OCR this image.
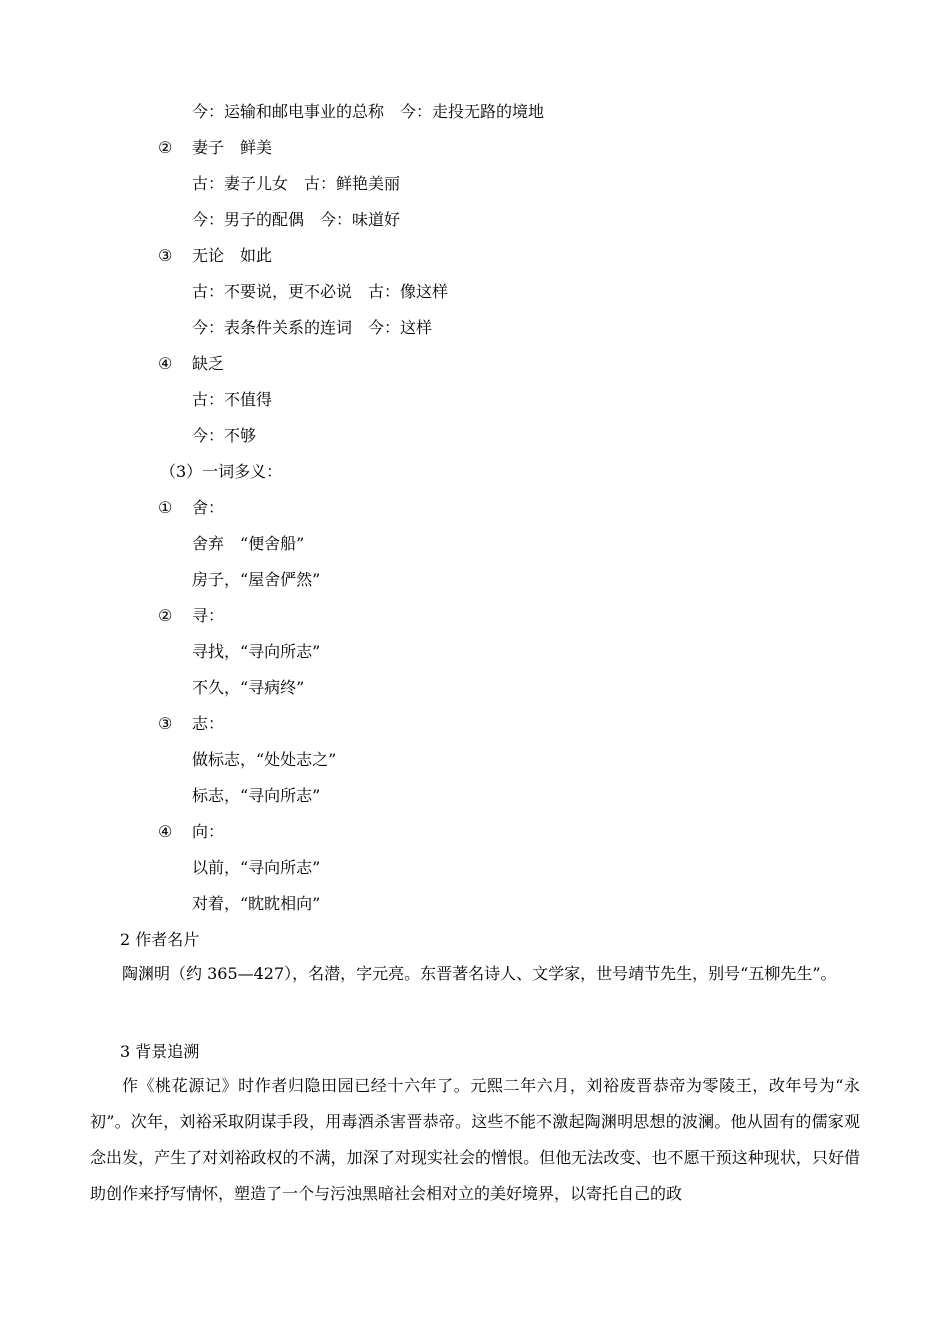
今：运输和邮电事业的总称 今：走投无路的境地
② 妻子　鲜美
古：妻子儿女 古：鲜艳美丽
今：男子的配偶 今：味道好
③ 无论　如此
古：不要说，更不必说 古：像这样
今：表条件关系的连词 今：这样
④ 缺乏
古：不值得
今：不够
（3）一词多义：
① 舍：
舍弃　“便舍船”
房子，“屋舍俨然”
② 寻：
寻找，“寻向所志”
不久，“寻病终”
③ 志：
做标志，“处处志之”
标志，“寻向所志”
④ 向：
以前，“寻向所志”
对着，“眈眈相向”
2 作者名片
陶渊明（约 365—427），名潜，字元亮。东晋著名诗人、文学家，世号靖节先生，别号“五柳先生”。
3 背景追溯
作《桃花源记》时作者归隐田园已经十六年了。元熙二年六月，刘裕废晋恭帝为零陵王，改年号为“永初”。次年，刘裕采取阴谋手段，用毒酒杀害晋恭帝。这些不能不激起陶渊明思想的波澜。他从固有的儒家观念出发，产生了对刘裕政权的不满，加深了对现实社会的憎恨。但他无法改变、也不愿干预这种现状，只好借助创作来抒写情怀，塑造了一个与污浊黑暗社会相对立的美好境界，以寄托自己的政
